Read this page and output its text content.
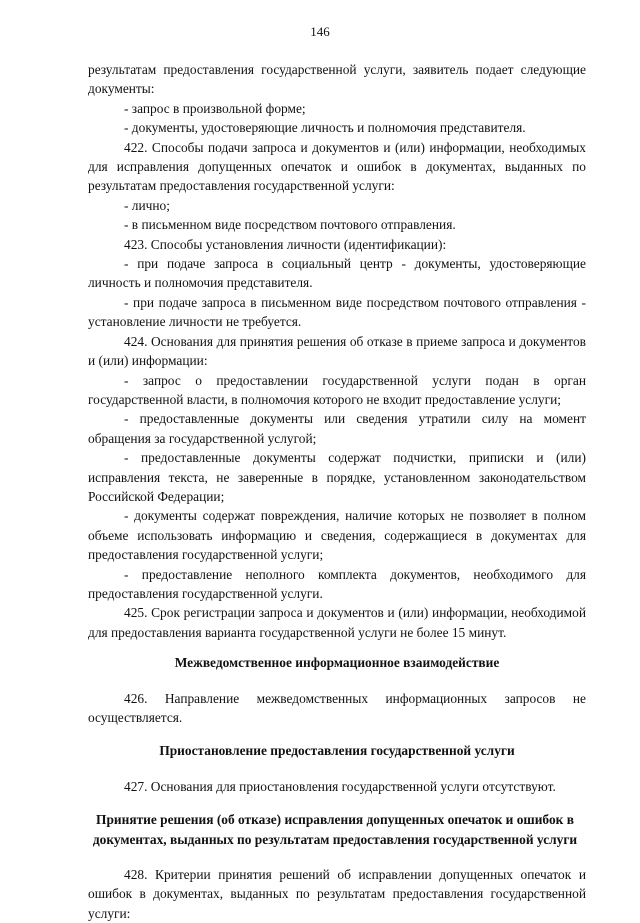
146

результатам предоставления государственной услуги, заявитель подает следующие

документы:

- запрос в произвольной форме;

- документы, удостоверяющие личность и полномочия представителя.

422. Способы подачи запроса и документов и (или) информации, необходимых для исправления допущенных опечаток и ошибок в документах, выданных по результатам предоставления государственной услуги:

- лично;

- в письменном виде посредством почтового отправления.

423. Способы установления личности (идентификации):

- при подаче запроса в социальный центр - документы, удостоверяющие личность и полномочия представителя.

- при подаче запроса в письменном виде посредством почтового отправления - установление личности не требуется.

424. Основания для принятия решения об отказе в приеме запроса и документов и (или) информации:

- запрос о предоставлении государственной услуги подан в орган государственной власти, в полномочия которого не входит предоставление услуги;

- предоставленные документы или сведения утратили силу на момент обращения за государственной услугой;

- предоставленные документы содержат подчистки, приписки и (или) исправления текста, не заверенные в порядке, установленном законодательством Российской Федерации;

- документы содержат повреждения, наличие которых не позволяет в полном объеме использовать информацию и сведения, содержащиеся в документах для предоставления государственной услуги;

- предоставление неполного комплекта документов, необходимого для предоставления государственной услуги.

425. Срок регистрации запроса и документов и (или) информации, необходимой для предоставления варианта государственной услуги не более 15 минут.

Межведомственное информационное взаимодействие

426. Направление межведомственных информационных запросов не осуществляется.

Приостановление предоставления государственной услуги

427. Основания для приостановления государственной услуги отсутствуют.

Принятие решения (об отказе) исправления допущенных опечаток и ошибок в документах, выданных по результатам предоставления государственной услуги

428. Критерии принятия решений об исправлении допущенных опечаток и ошибок в документах, выданных по результатам предоставления государственной услуги:
